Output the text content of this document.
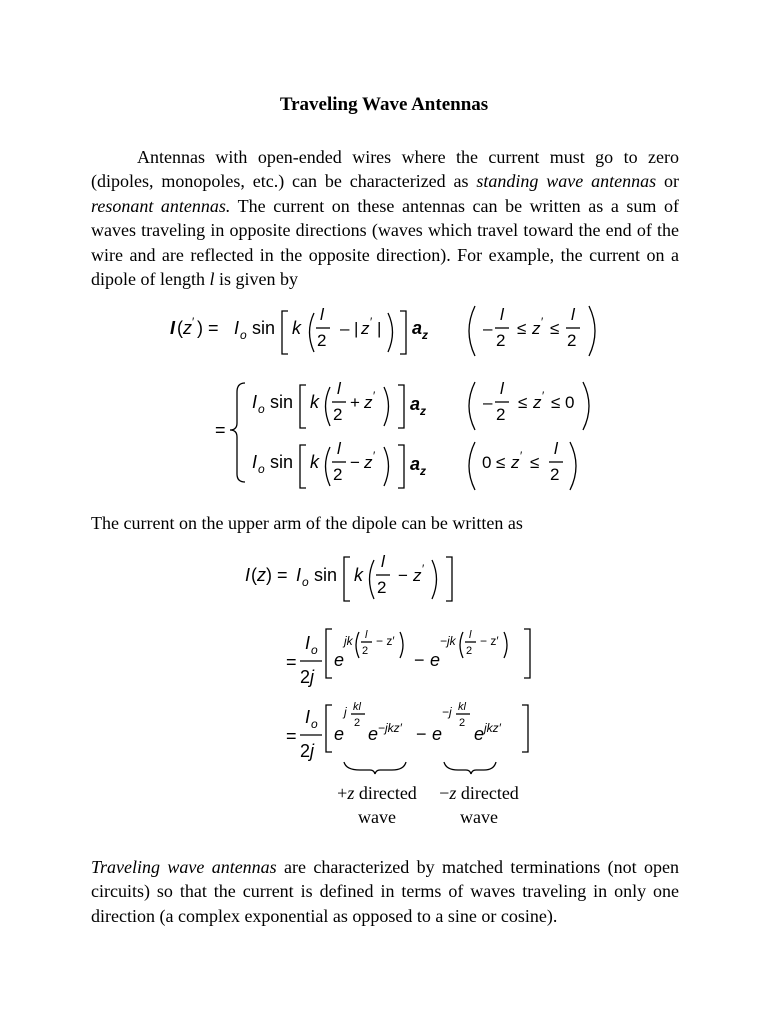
Traveling Wave Antennas
Antennas with open-ended wires where the current must go to zero (dipoles, monopoles, etc.) can be characterized as standing wave antennas or resonant antennas. The current on these antennas can be written as a sum of waves traveling in opposite directions (waves which travel toward the end of the wire and are reflected in the opposite direction). For example, the current on a dipole of length l is given by
I ( z ′ ) = I o sin k
l
2
– | z ′ | a z	–
l
2
≤ z ′ ≤
l
2
=
I o sin k
l
2
+ z ′ a z	–
l
2
≤ z ′ ≤ 0
I o sin k
l
2
− z ′ a z	0 ≤ z ′ ≤
l
2
I ( z ) = I o sin k
l
2
− z ′
=
I o
2 j
e
jk l
2
− z′
− e
−jk l
2
− z′
=
I o
2 j
e
j kl
2
e −jkz′ − e
−j kl
2
e jkz′
The current on the upper arm of the dipole can be written as
+z directed
wave
−z directed
wave
Traveling wave antennas are characterized by matched terminations (not open circuits) so that the current is defined in terms of waves traveling in only one direction (a complex exponential as opposed to a sine or cosine).
